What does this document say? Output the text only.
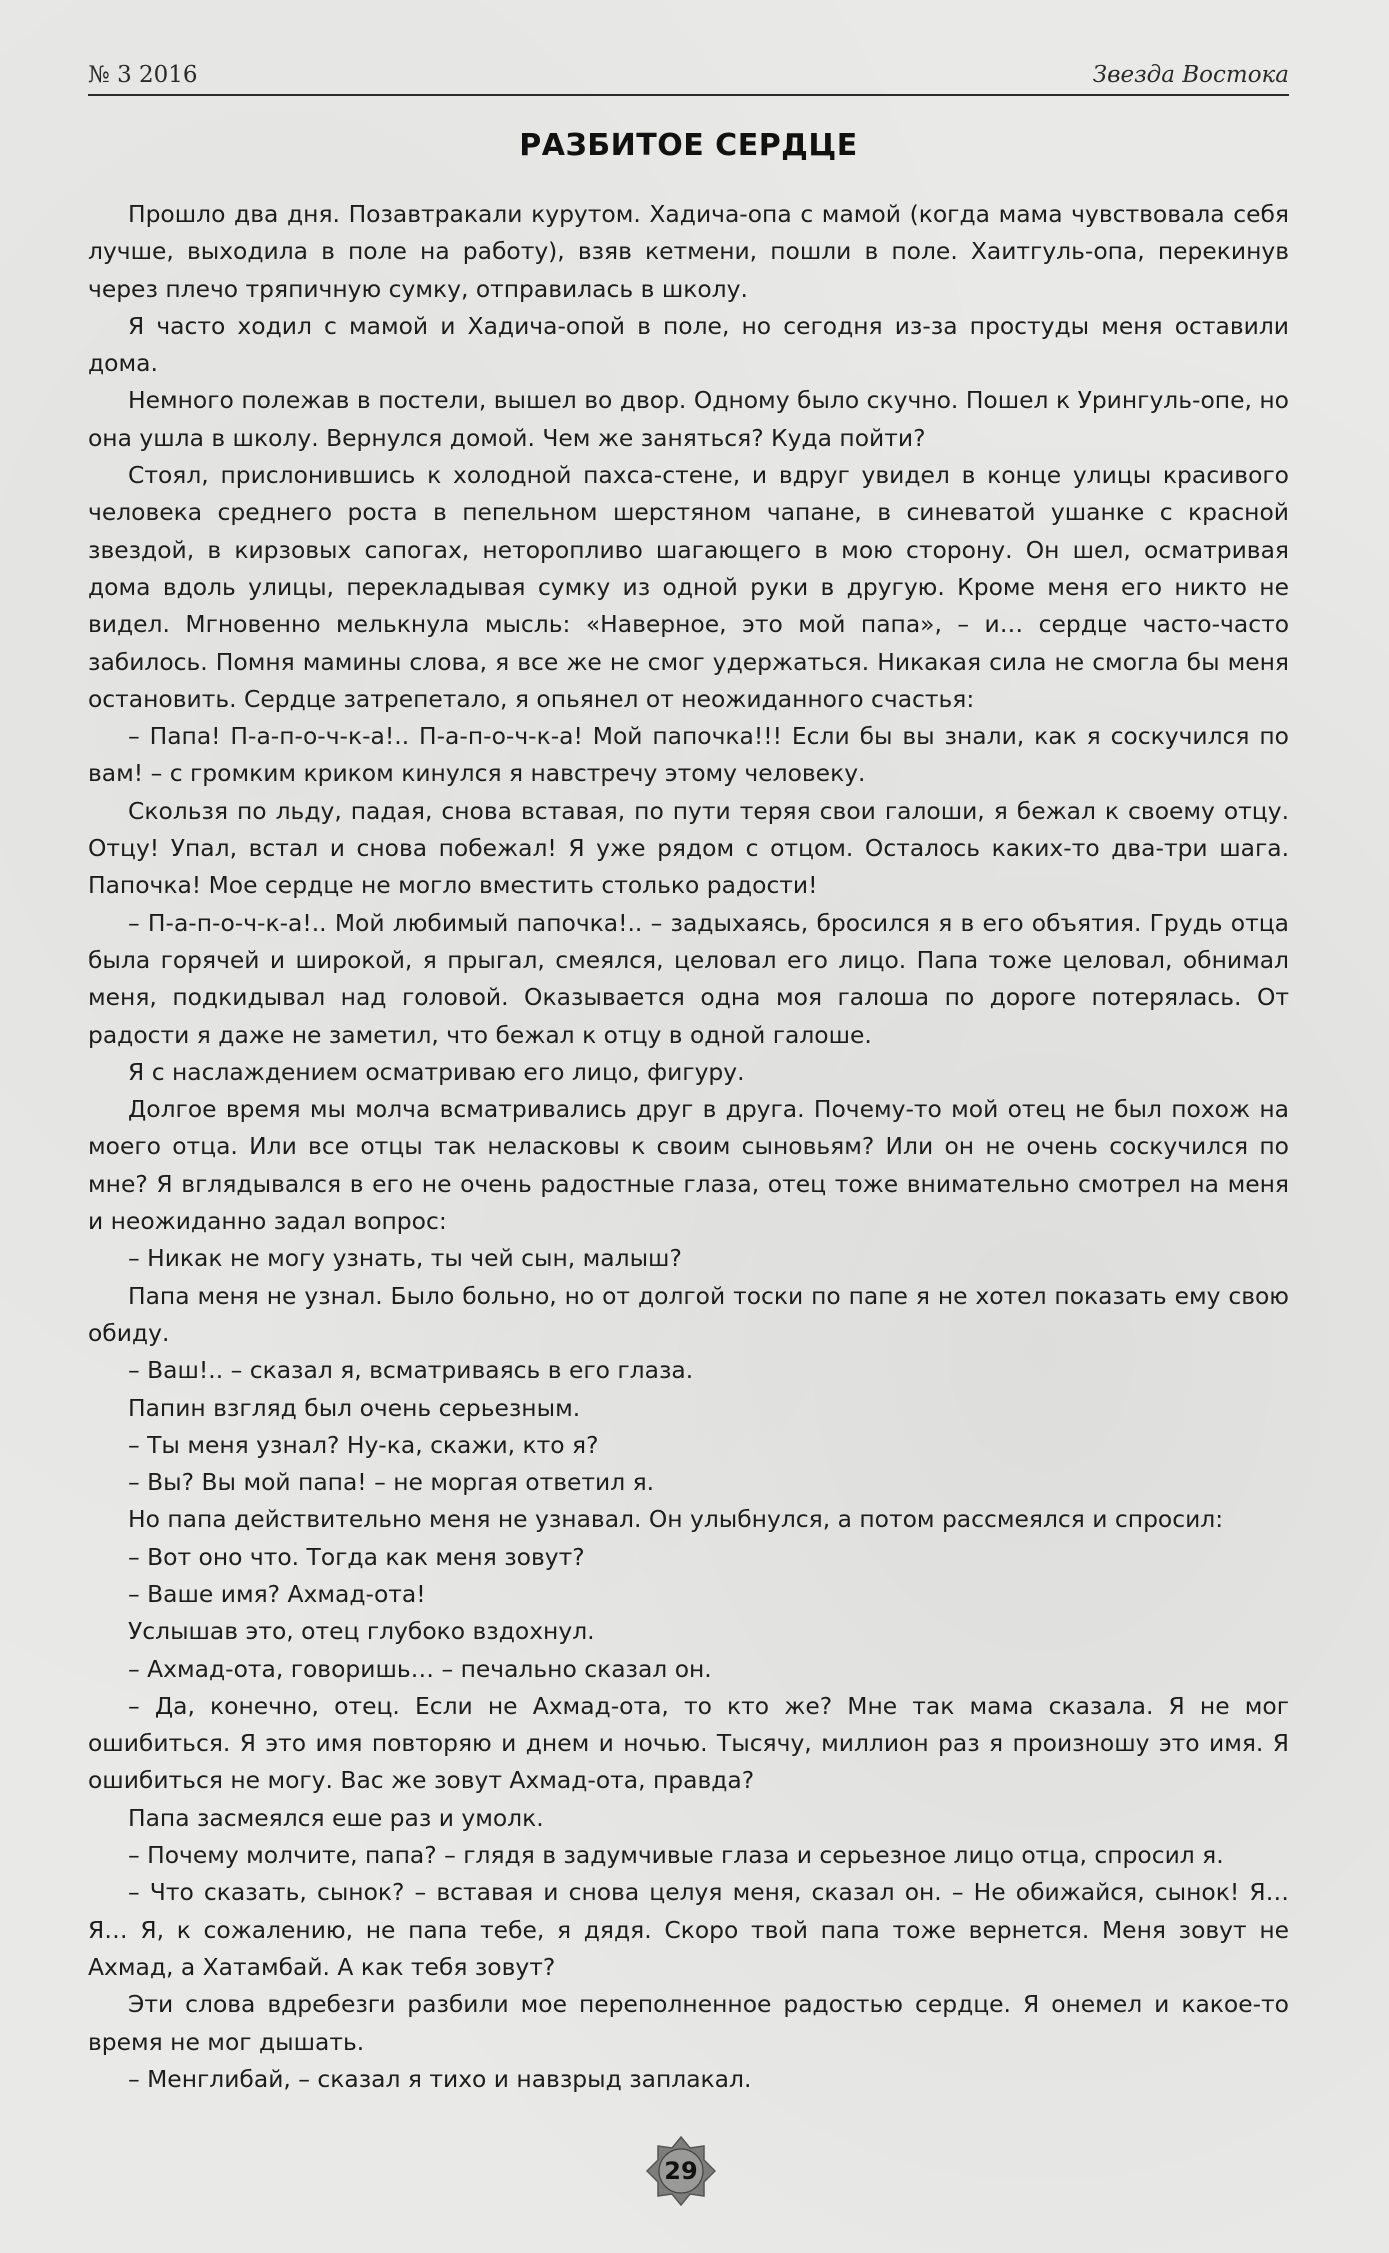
№ 3 2016	Звезда Востока
РАЗБИТОЕ СЕРДЦЕ

Прошло два дня. Позавтракали курутом. Хадича-опа с мамой (когда мама чувствовала себя лучше, выходила в поле на работу), взяв кетмени, пошли в поле. Хаитгуль-опа, перекинув через плечо тряпичную сумку, отправилась в школу.

Я часто ходил с мамой и Хадича-опой в поле, но сегодня из-за простуды меня оставили дома.

Немного полежав в постели, вышел во двор. Одному было скучно. Пошел к Урингуль-опе, но она ушла в школу. Вернулся домой. Чем же заняться? Куда пойти?

Стоял, прислонившись к холодной пахса-стене, и вдруг увидел в конце улицы красивого человека среднего роста в пепельном шерстяном чапане, в синеватой ушанке с красной звездой, в кирзовых сапогах, неторопливо шагающего в мою сторону. Он шел, осматривая дома вдоль улицы, перекладывая сумку из одной руки в другую. Кроме меня его никто не видел. Мгновенно мелькнула мысль: «Наверное, это мой папа», – и… сердце часто-часто забилось. Помня мамины слова, я все же не смог удержаться. Никакая сила не смогла бы меня остановить. Сердце затрепетало, я опьянел от неожиданного счастья:

– Папа! П-а-п-о-ч-к-а!.. П-а-п-о-ч-к-а! Мой папочка!!! Если бы вы знали, как я соскучился по вам! – с громким криком кинулся я навстречу этому человеку.

Скользя по льду, падая, снова вставая, по пути теряя свои галоши, я бежал к своему отцу. Отцу! Упал, встал и снова побежал! Я уже рядом с отцом. Осталось каких-то два-три шага. Папочка! Мое сердце не могло вместить столько радости!

– П-а-п-о-ч-к-а!.. Мой любимый папочка!.. – задыхаясь, бросился я в его объятия. Грудь отца была горячей и широкой, я прыгал, смеялся, целовал его лицо. Папа тоже целовал, обнимал меня, подкидывал над головой. Оказывается одна моя галоша по дороге потерялась. От радости я даже не заметил, что бежал к отцу в одной галоше.

Я с наслаждением осматриваю его лицо, фигуру.

Долгое время мы молча всматривались друг в друга. Почему-то мой отец не был похож на моего отца. Или все отцы так неласковы к своим сыновьям? Или он не очень соскучился по мне? Я вглядывался в его не очень радостные глаза, отец тоже внимательно смотрел на меня и неожиданно задал вопрос:

– Никак не могу узнать, ты чей сын, малыш?

Папа меня не узнал. Было больно, но от долгой тоски по папе я не хотел показать ему свою обиду.

– Ваш!.. – сказал я, всматриваясь в его глаза.

Папин взгляд был очень серьезным.

– Ты меня узнал? Ну-ка, скажи, кто я?

– Вы? Вы мой папа! – не моргая ответил я.

Но папа действительно меня не узнавал. Он улыбнулся, а потом рассмеялся и спросил:

– Вот оно что. Тогда как меня зовут?

– Ваше имя? Ахмад-ота!

Услышав это, отец глубоко вздохнул.

– Ахмад-ота, говоришь… – печально сказал он.

– Да, конечно, отец. Если не Ахмад-ота, то кто же? Мне так мама сказала. Я не мог ошибиться. Я это имя повторяю и днем и ночью. Тысячу, миллион раз я произношу это имя. Я ошибиться не могу. Вас же зовут Ахмад-ота, правда?

Папа засмеялся еше раз и умолк.

– Почему молчите, папа? – глядя в задумчивые глаза и серьезное лицо отца, спросил я.

– Что сказать, сынок? – вставая и снова целуя меня, сказал он. – Не обижайся, сынок! Я… Я… Я, к сожалению, не папа тебе, я дядя. Скоро твой папа тоже вернется. Меня зовут не Ахмад, а Хатамбай. А как тебя зовут?

Эти слова вдребезги разбили мое переполненное радостью сердце. Я онемел и какое-то время не мог дышать.

– Менглибай, – сказал я тихо и навзрыд заплакал.

29
